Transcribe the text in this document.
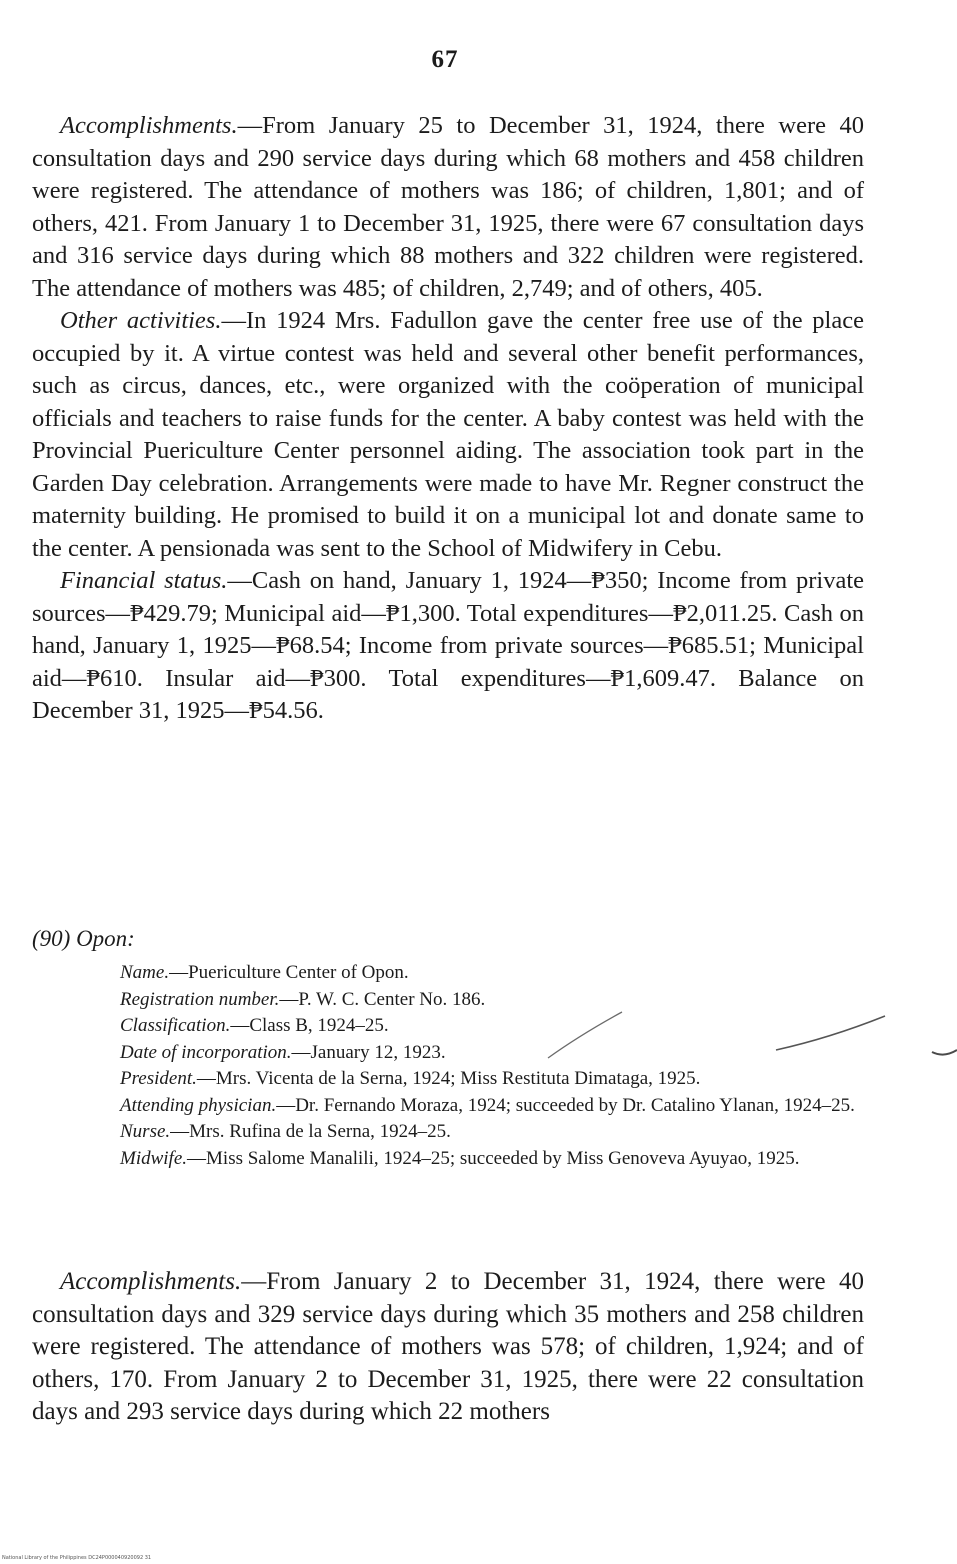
67

Accomplishments.—From January 25 to December 31, 1924, there were 40 consultation days and 290 service days during which 68 mothers and 458 children were registered. The attendance of mothers was 186; of children, 1,801; and of others, 421. From January 1 to December 31, 1925, there were 67 consultation days and 316 service days during which 88 mothers and 322 children were registered. The attendance of mothers was 485; of children, 2,749; and of others, 405.

Other activities.—In 1924 Mrs. Fadullon gave the center free use of the place occupied by it. A virtue contest was held and several other benefit performances, such as circus, dances, etc., were organized with the coöperation of municipal officials and teachers to raise funds for the center. A baby contest was held with the Provincial Puericulture Center personnel aiding. The association took part in the Garden Day celebration. Arrangements were made to have Mr. Regner construct the maternity building. He promised to build it on a municipal lot and donate same to the center. A pensionada was sent to the School of Midwifery in Cebu.

Financial status.—Cash on hand, January 1, 1924—₱350; Income from private sources—₱429.79; Municipal aid—₱1,300. Total expenditures—₱2,011.25. Cash on hand, January 1, 1925—₱68.54; Income from private sources—₱685.51; Municipal aid—₱610. Insular aid—₱300. Total expenditures—₱1,609.47. Balance on December 31, 1925—₱54.56.

(90) Opon:

Name.—Puericulture Center of Opon.

Registration number.—P. W. C. Center No. 186.

Classification.—Class B, 1924–25.

Date of incorporation.—January 12, 1923.

President.—Mrs. Vicenta de la Serna, 1924; Miss Restituta Dimataga, 1925.

Attending physician.—Dr. Fernando Moraza, 1924; succeeded by Dr. Catalino Ylanan, 1924–25.

Nurse.—Mrs. Rufina de la Serna, 1924–25.

Midwife.—Miss Salome Manalili, 1924–25; succeeded by Miss Genoveva Ayuyao, 1925.

Accomplishments.—From January 2 to December 31, 1924, there were 40 consultation days and 329 service days during which 35 mothers and 258 children were registered. The attendance of mothers was 578; of children, 1,924; and of others, 170. From January 2 to December 31, 1925, there were 22 consultation days and 293 service days during which 22 mothers

National Library of the Philippines DC24P000040920092 31
